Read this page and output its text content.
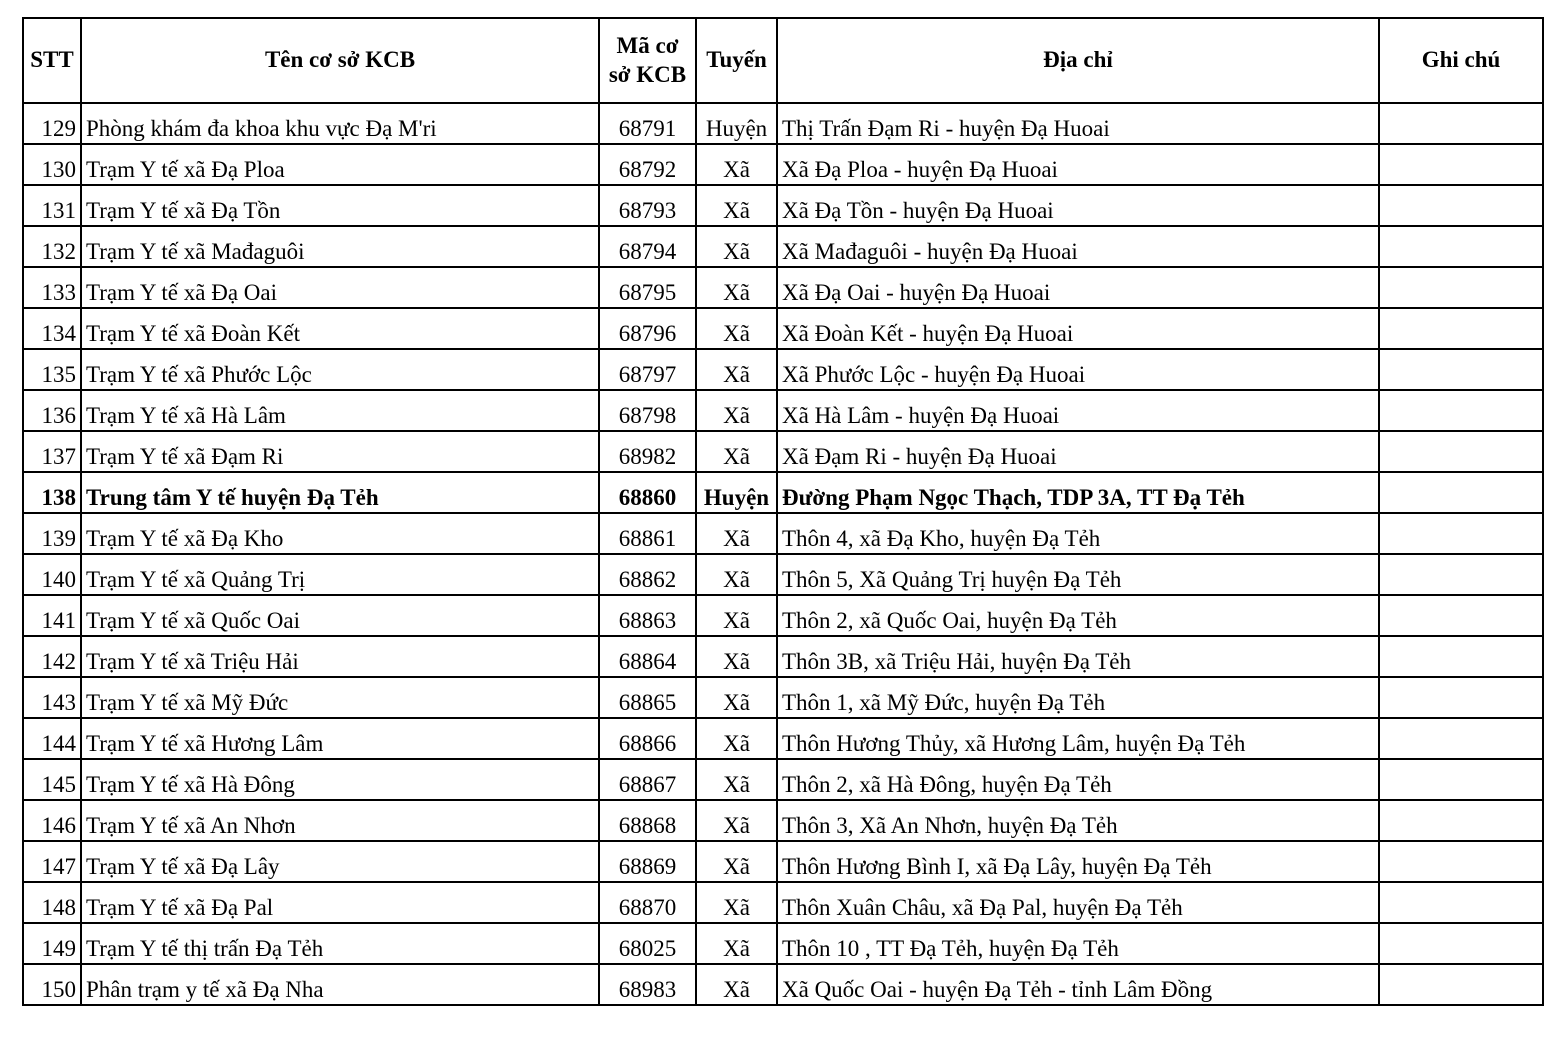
STT	Tên cơ sở KCB	Mã cơ
sở KCB	Tuyến	Địa chỉ	Ghi chú
129	Phòng khám đa khoa khu vực Đạ M'ri	68791	Huyện	Thị Trấn Đạm Ri - huyện Đạ Huoai	
130	Trạm Y tế xã Đạ Ploa	68792	Xã	Xã Đạ Ploa - huyện Đạ Huoai	
131	Trạm Y tế xã Đạ Tồn	68793	Xã	Xã Đạ Tồn - huyện Đạ Huoai	
132	Trạm Y tế xã Mađaguôi	68794	Xã	Xã Mađaguôi - huyện Đạ Huoai	
133	Trạm Y tế xã Đạ Oai	68795	Xã	Xã Đạ Oai - huyện Đạ Huoai	
134	Trạm Y tế xã Đoàn Kết	68796	Xã	Xã Đoàn Kết - huyện Đạ Huoai	
135	Trạm Y tế xã Phước Lộc	68797	Xã	Xã Phước Lộc - huyện Đạ Huoai	
136	Trạm Y tế xã Hà Lâm	68798	Xã	Xã Hà Lâm - huyện Đạ Huoai	
137	Trạm Y tế xã Đạm Ri	68982	Xã	Xã Đạm Ri - huyện Đạ Huoai	
138	Trung tâm Y tế huyện Đạ Tẻh	68860	Huyện	Đường Phạm Ngọc Thạch, TDP 3A, TT Đạ Tẻh	
139	Trạm Y tế xã Đạ Kho	68861	Xã	Thôn 4, xã Đạ Kho, huyện Đạ Tẻh	
140	Trạm Y tế xã Quảng Trị	68862	Xã	Thôn 5, Xã Quảng Trị huyện Đạ Tẻh	
141	Trạm Y tế xã Quốc Oai	68863	Xã	Thôn 2, xã Quốc Oai, huyện Đạ Tẻh	
142	Trạm Y tế xã Triệu Hải	68864	Xã	Thôn 3B, xã Triệu Hải, huyện Đạ Tẻh	
143	Trạm Y tế xã Mỹ Đức	68865	Xã	Thôn 1, xã Mỹ Đức, huyện Đạ Tẻh	
144	Trạm Y tế xã Hương Lâm	68866	Xã	Thôn Hương Thủy, xã Hương Lâm, huyện Đạ Tẻh	
145	Trạm Y tế xã Hà Đông	68867	Xã	Thôn 2, xã Hà Đông, huyện Đạ Tẻh	
146	Trạm Y tế xã An Nhơn	68868	Xã	Thôn 3, Xã An Nhơn, huyện Đạ Tẻh	
147	Trạm Y tế xã Đạ Lây	68869	Xã	Thôn Hương Bình I, xã Đạ Lây, huyện Đạ Tẻh	
148	Trạm Y tế xã Đạ Pal	68870	Xã	Thôn Xuân Châu, xã Đạ Pal, huyện Đạ Tẻh	
149	Trạm Y tế thị trấn Đạ Tẻh	68025	Xã	Thôn 10 , TT Đạ Tẻh, huyện Đạ Tẻh	
150	Phân trạm y tế xã Đạ Nha	68983	Xã	Xã Quốc Oai - huyện Đạ Tẻh - tỉnh Lâm Đồng	
